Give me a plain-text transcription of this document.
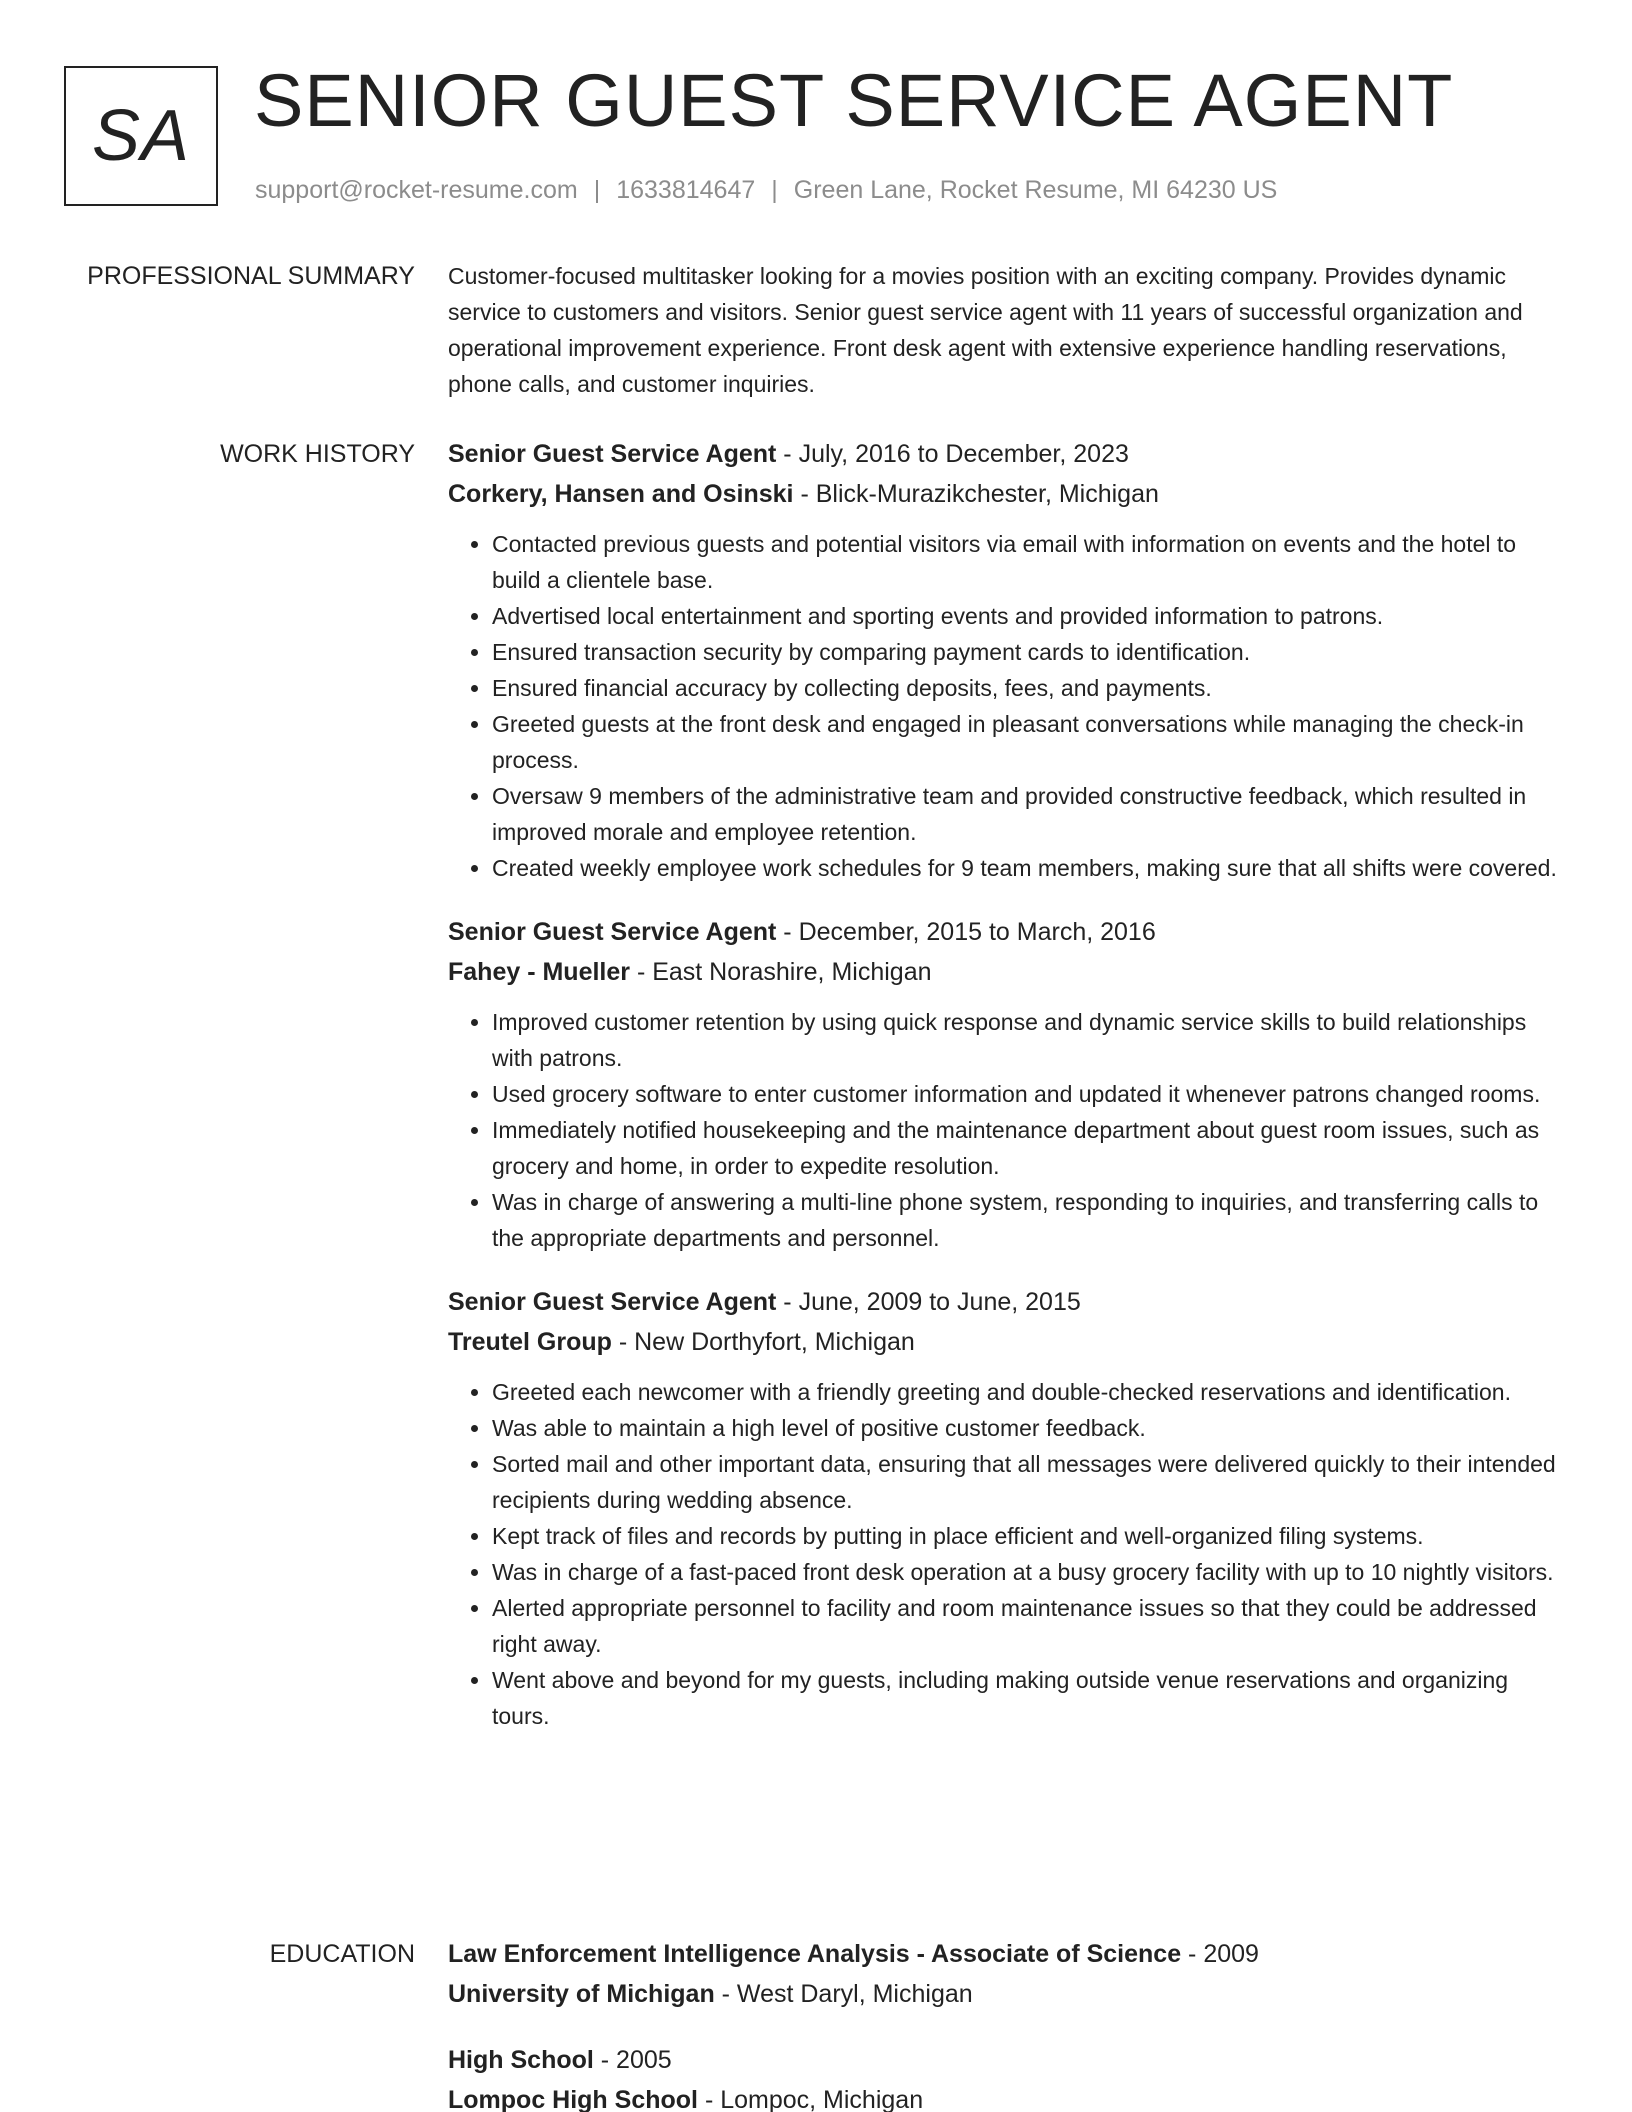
SA SENIOR GUEST SERVICE AGENT
support@rocket-resume.com | 1633814647 | Green Lane, Rocket Resume, MI 64230 US
PROFESSIONAL SUMMARY Customer-focused multitasker looking for a movies position with an exciting company. Provides dynamic service to customers and visitors. Senior guest service agent with 11 years of successful organization and operational improvement experience. Front desk agent with extensive experience handling reservations, phone calls, and customer inquiries.

WORK HISTORY Senior Guest Service Agent - July, 2016 to December, 2023
Corkery, Hansen and Osinski - Blick-Murazikchester, Michigan
• Contacted previous guests and potential visitors via email with information on events and the hotel to build a clientele base.
• Advertised local entertainment and sporting events and provided information to patrons.
• Ensured transaction security by comparing payment cards to identification.
• Ensured financial accuracy by collecting deposits, fees, and payments.
• Greeted guests at the front desk and engaged in pleasant conversations while managing the check-in process.
• Oversaw 9 members of the administrative team and provided constructive feedback, which resulted in improved morale and employee retention.
• Created weekly employee work schedules for 9 team members, making sure that all shifts were covered.
Senior Guest Service Agent - December, 2015 to March, 2016
Fahey - Mueller - East Norashire, Michigan
• Improved customer retention by using quick response and dynamic service skills to build relationships with patrons.
• Used grocery software to enter customer information and updated it whenever patrons changed rooms.
• Immediately notified housekeeping and the maintenance department about guest room issues, such as grocery and home, in order to expedite resolution.
• Was in charge of answering a multi-line phone system, responding to inquiries, and transferring calls to the appropriate departments and personnel.
Senior Guest Service Agent - June, 2009 to June, 2015
Treutel Group - New Dorthyfort, Michigan
• Greeted each newcomer with a friendly greeting and double-checked reservations and identification.
• Was able to maintain a high level of positive customer feedback.
• Sorted mail and other important data, ensuring that all messages were delivered quickly to their intended recipients during wedding absence.
• Kept track of files and records by putting in place efficient and well-organized filing systems.
• Was in charge of a fast-paced front desk operation at a busy grocery facility with up to 10 nightly visitors.
• Alerted appropriate personnel to facility and room maintenance issues so that they could be addressed right away.
• Went above and beyond for my guests, including making outside venue reservations and organizing tours.
EDUCATION Law Enforcement Intelligence Analysis - Associate of Science - 2009
University of Michigan - West Daryl, Michigan
High School - 2005
Lompoc High School - Lompoc, Michigan
